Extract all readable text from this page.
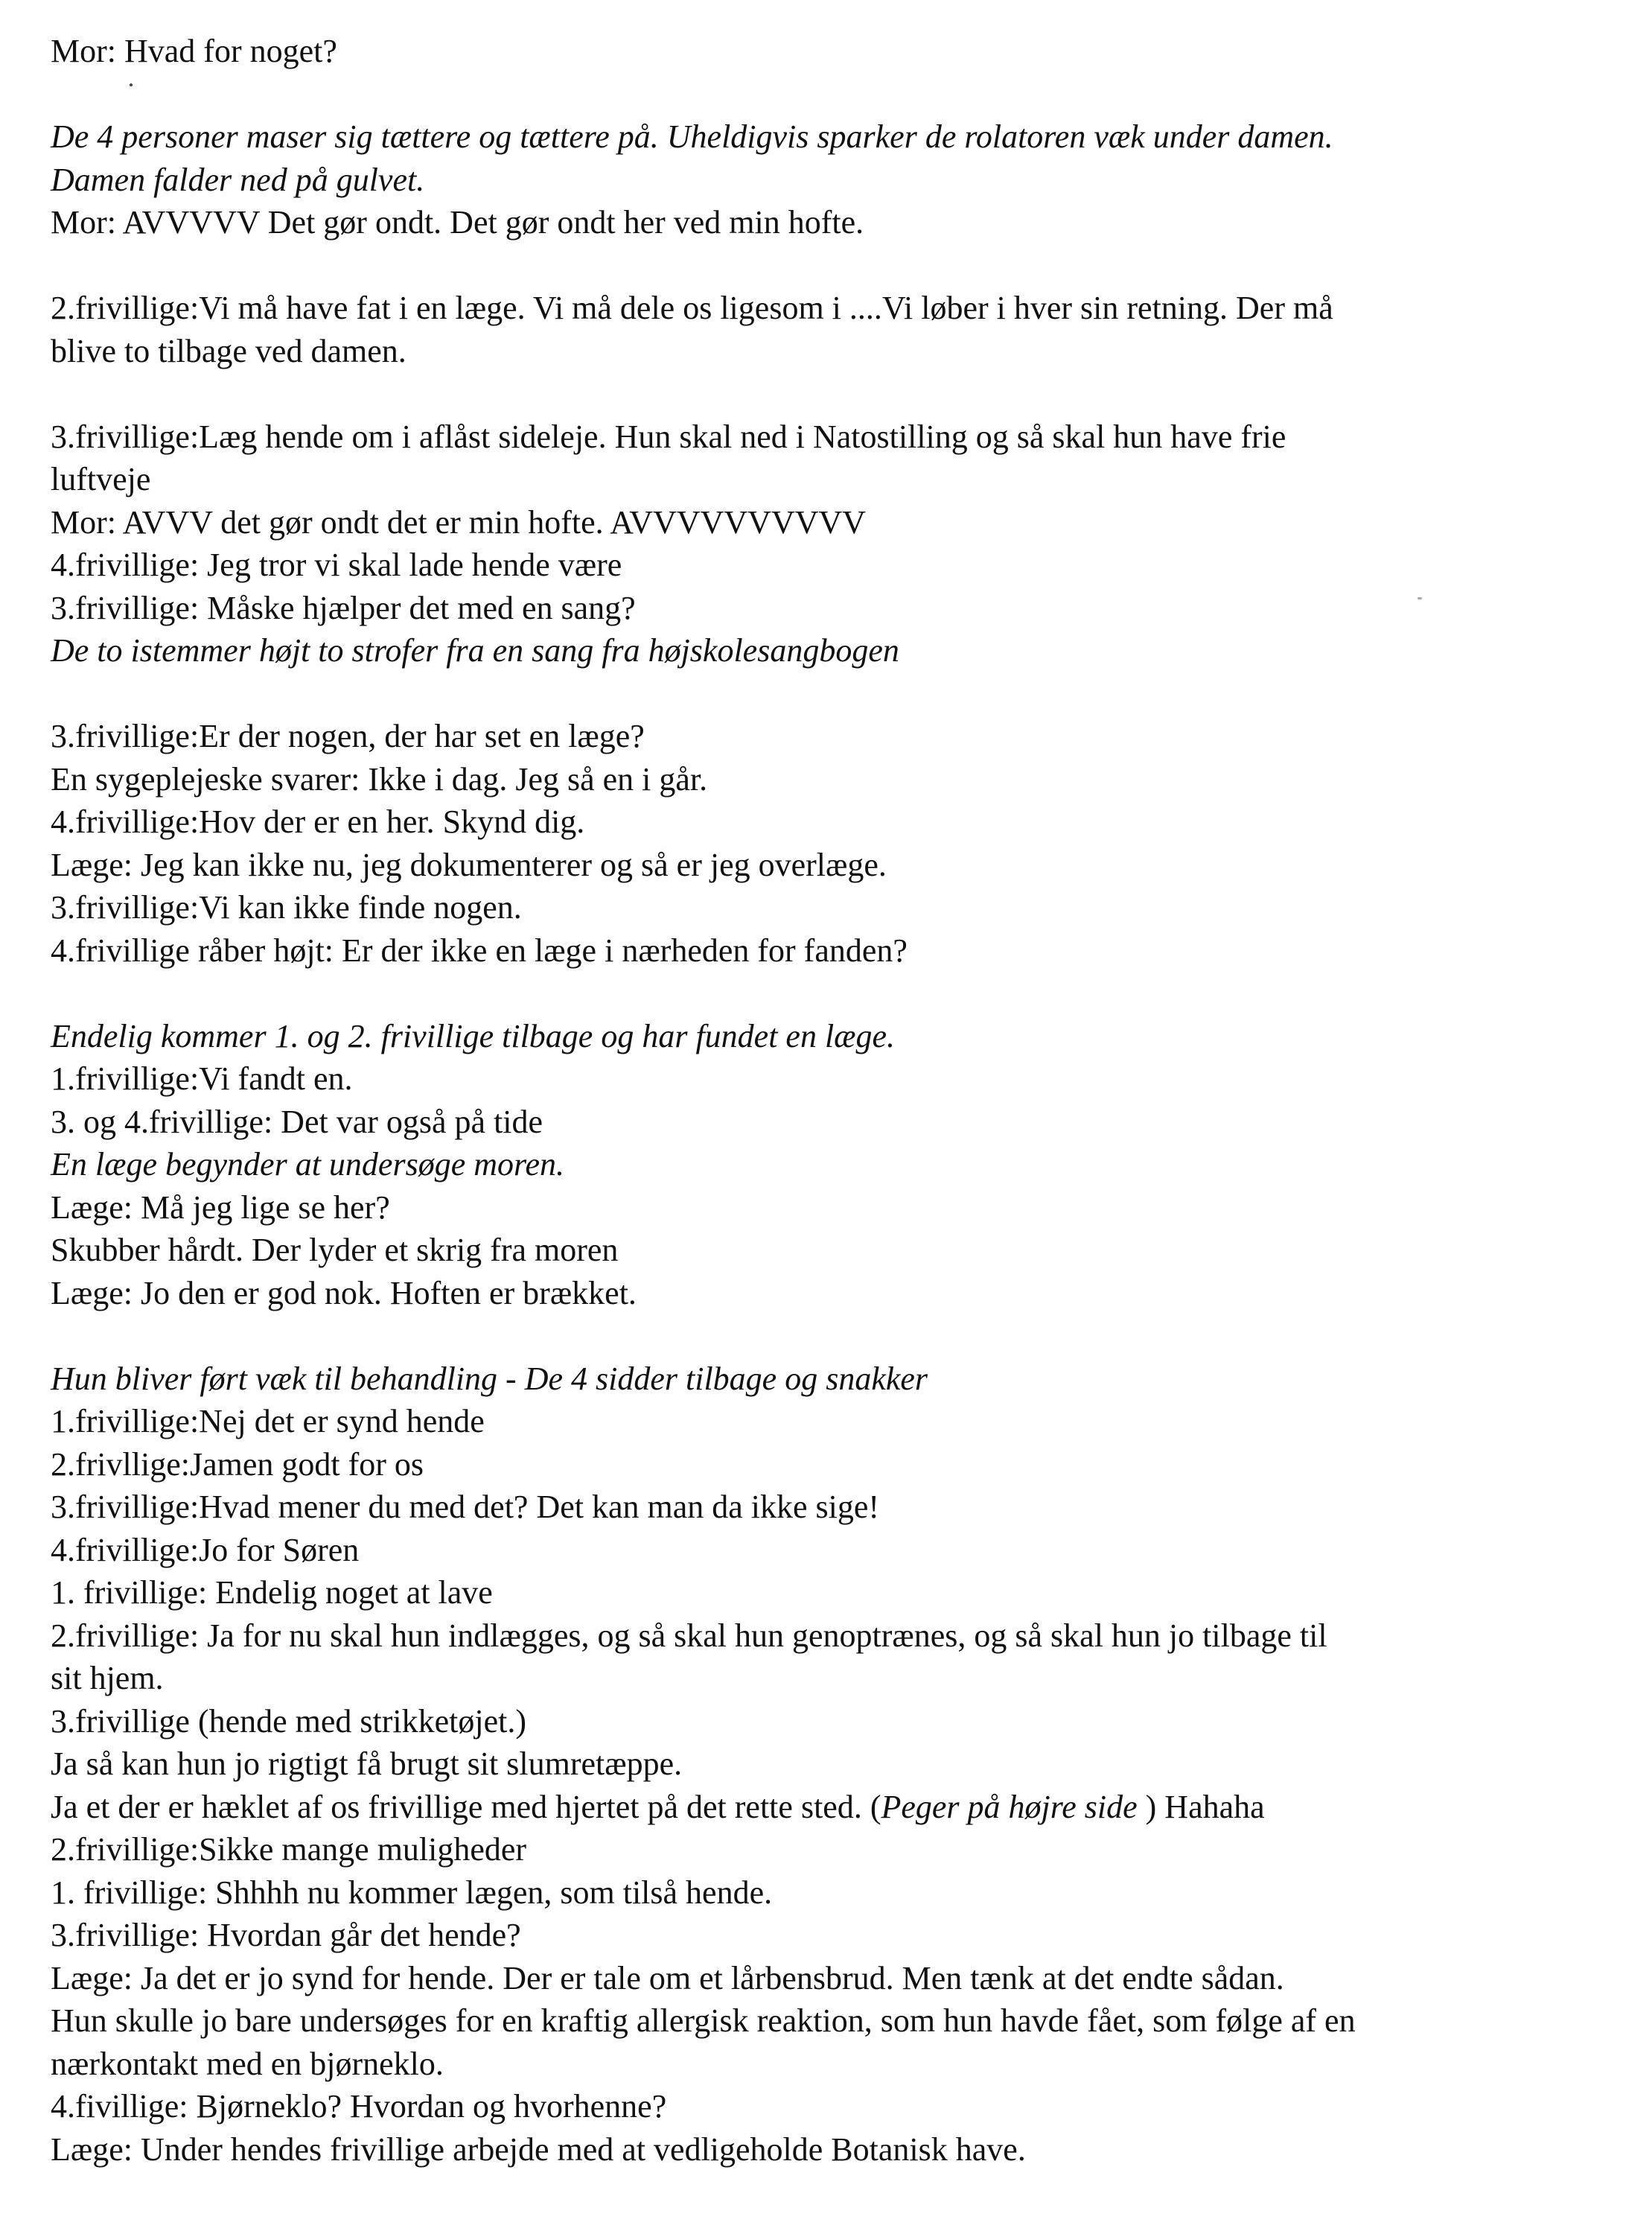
Mor: Hvad for noget?
De 4 personer maser sig tættere og tættere på. Uheldigvis sparker de rolatoren væk under damen.
Damen falder ned på gulvet.
Mor: AVVVVV Det gør ondt. Det gør ondt her ved min hofte.
2.frivillige:Vi må have fat i en læge. Vi må dele os ligesom i ....Vi løber i hver sin retning. Der må
blive to tilbage ved damen.
3.frivillige:Læg hende om i aflåst sideleje. Hun skal ned i Natostilling og så skal hun have frie
luftveje
Mor: AVVV det gør ondt det er min hofte. AVVVVVVVVVV
4.frivillige: Jeg tror vi skal lade hende være
3.frivillige: Måske hjælper det med en sang?
De to istemmer højt to strofer fra en sang fra højskolesangbogen
3.frivillige:Er der nogen, der har set en læge?
En sygeplejeske svarer: Ikke i dag. Jeg så en i går.
4.frivillige:Hov der er en her. Skynd dig.
Læge: Jeg kan ikke nu, jeg dokumenterer og så er jeg overlæge.
3.frivillige:Vi kan ikke finde nogen.
4.frivillige råber højt: Er der ikke en læge i nærheden for fanden?
Endelig kommer 1. og 2. frivillige tilbage og har fundet en læge.
1.frivillige:Vi fandt en.
3. og 4.frivillige: Det var også på tide
En læge begynder at undersøge moren.
Læge: Må jeg lige se her?
Skubber hårdt. Der lyder et skrig fra moren
Læge: Jo den er god nok. Hoften er brækket.
Hun bliver ført væk til behandling - De 4 sidder tilbage og snakker
1.frivillige:Nej det er synd hende
2.frivllige:Jamen godt for os
3.frivillige:Hvad mener du med det? Det kan man da ikke sige!
4.frivillige:Jo for Søren
1. frivillige: Endelig noget at lave
2.frivillige: Ja for nu skal hun indlægges, og så skal hun genoptrænes, og så skal hun jo tilbage til
sit hjem.
3.frivillige (hende med strikketøjet.)
Ja så kan hun jo rigtigt få brugt sit slumretæppe.
Ja et der er hæklet af os frivillige med hjertet på det rette sted. (Peger på højre side ) Hahaha
2.frivillige:Sikke mange muligheder
1. frivillige: Shhhh nu kommer lægen, som tilså hende.
3.frivillige: Hvordan går det hende?
Læge: Ja det er jo synd for hende. Der er tale om et lårbensbrud. Men tænk at det endte sådan.
Hun skulle jo bare undersøges for en kraftig allergisk reaktion, som hun havde fået, som følge af en
nærkontakt med en bjørneklo.
4.fivillige: Bjørneklo? Hvordan og hvorhenne?
Læge: Under hendes frivillige arbejde med at vedligeholde Botanisk have.
